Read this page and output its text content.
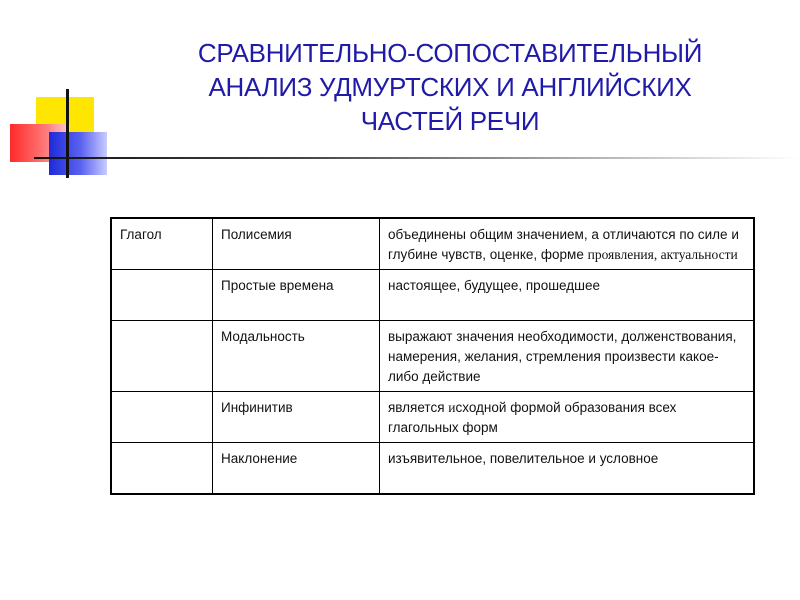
СРАВНИТЕЛЬНО-СОПОСТАВИТЕЛЬНЫЙ
АНАЛИЗ УДМУРТСКИХ И АНГЛИЙСКИХ
ЧАСТЕЙ РЕЧИ
Глагол	Полисемия	объединены общим значением, а отличаются по силе и глубине чувств, оценке, форме проявления, актуальности
	Простые времена	настоящее, будущее, прошедшее
	Модальность	выражают значения необходимости, долженствования, намерения, желания, стремления произвести какое- либо действие
	Инфинитив	является исходной формой образования всех глагольных форм
	Наклонение	изъявительное, повелительное и условное
